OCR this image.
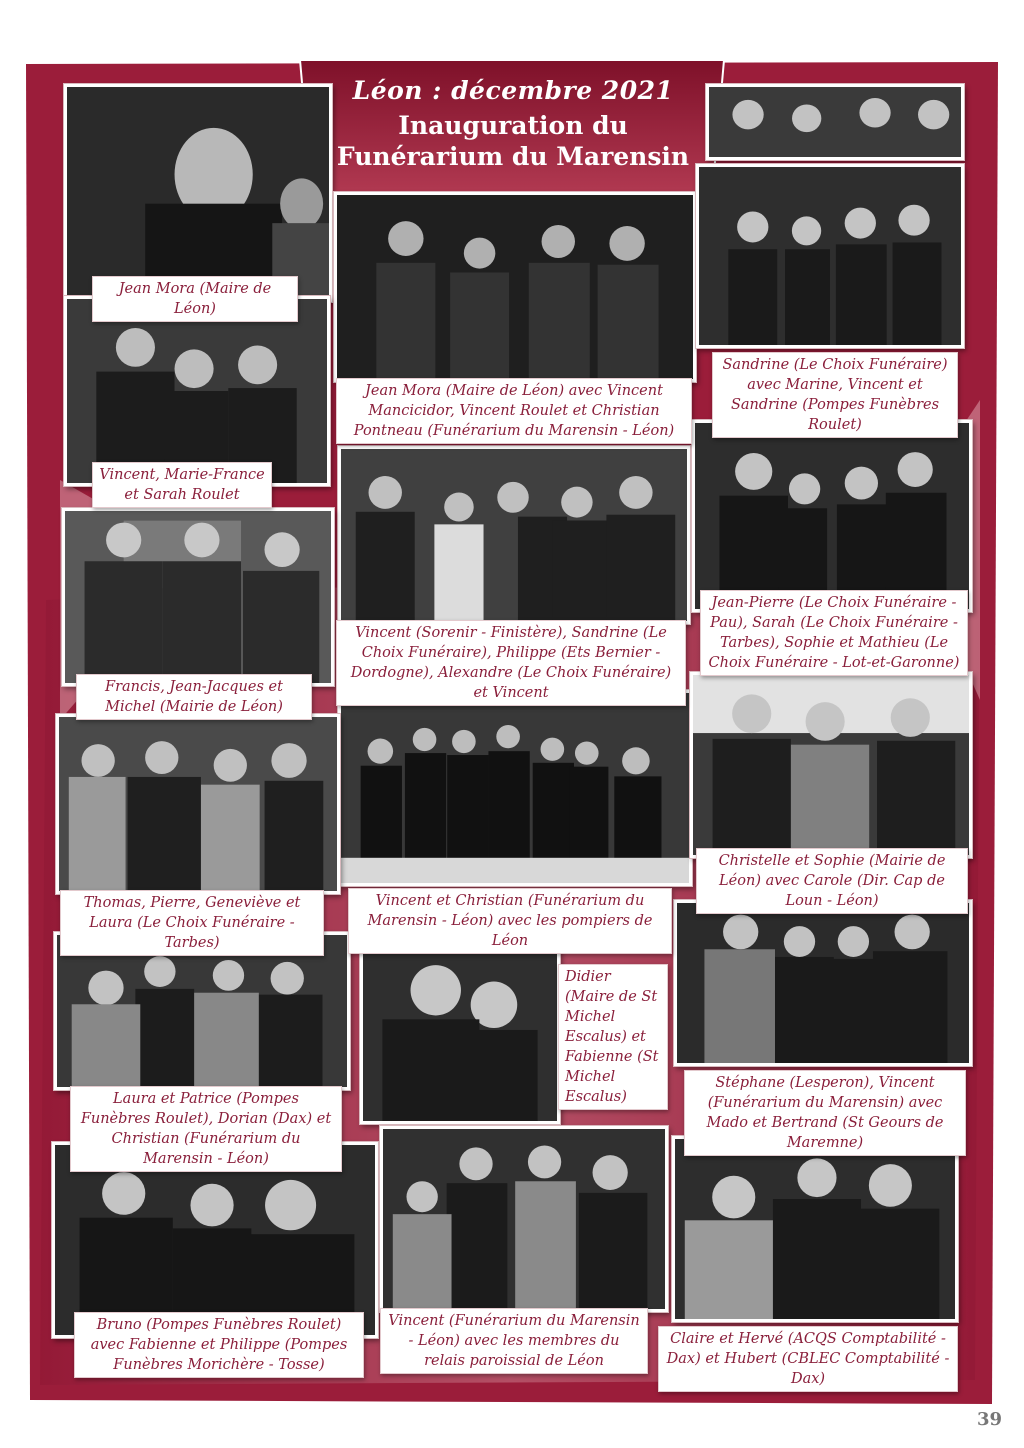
Léon : décembre 2021
Inauguration du
Funérarium du Marensin
Jean Mora (Maire de Léon)
Jean Mora (Maire de Léon) avec Vincent Mancicidor, Vincent Roulet et Christian Pontneau (Funérarium du Marensin - Léon)
Sandrine (Le Choix Funéraire) avec Marine, Vincent et Sandrine (Pompes Funèbres Roulet)
Vincent, Marie-France et Sarah Roulet
Vincent (Sorenir - Finistère), Sandrine (Le Choix Funéraire), Philippe (Ets Bernier - Dordogne), Alexandre (Le Choix Funéraire) et Vincent
Jean-Pierre (Le Choix Funéraire - Pau), Sarah (Le Choix Funéraire - Tarbes), Sophie et Mathieu (Le Choix Funéraire - Lot-et-Garonne)
Francis, Jean-Jacques et Michel (Mairie de Léon)
Vincent et Christian (Funérarium du Marensin - Léon) avec les pompiers de Léon
Christelle et Sophie (Mairie de Léon) avec Carole (Dir. Cap de Loun - Léon)
Thomas, Pierre, Geneviève et Laura (Le Choix Funéraire - Tarbes)
Didier (Maire de St Michel Escalus) et Fabienne (St Michel Escalus)
Stéphane (Lesperon), Vincent (Funérarium du Marensin) avec Mado et Bertrand (St Geours de Maremne)
Laura et Patrice (Pompes Funèbres Roulet), Dorian (Dax) et Christian (Funérarium du Marensin - Léon)
Bruno (Pompes Funèbres Roulet) avec Fabienne et Philippe (Pompes Funèbres Morichère - Tosse)
Vincent (Funérarium du Marensin - Léon) avec les membres du relais paroissial de Léon
Claire et Hervé (ACQS Comptabilité - Dax) et Hubert (CBLEC Comptabilité - Dax)
39
